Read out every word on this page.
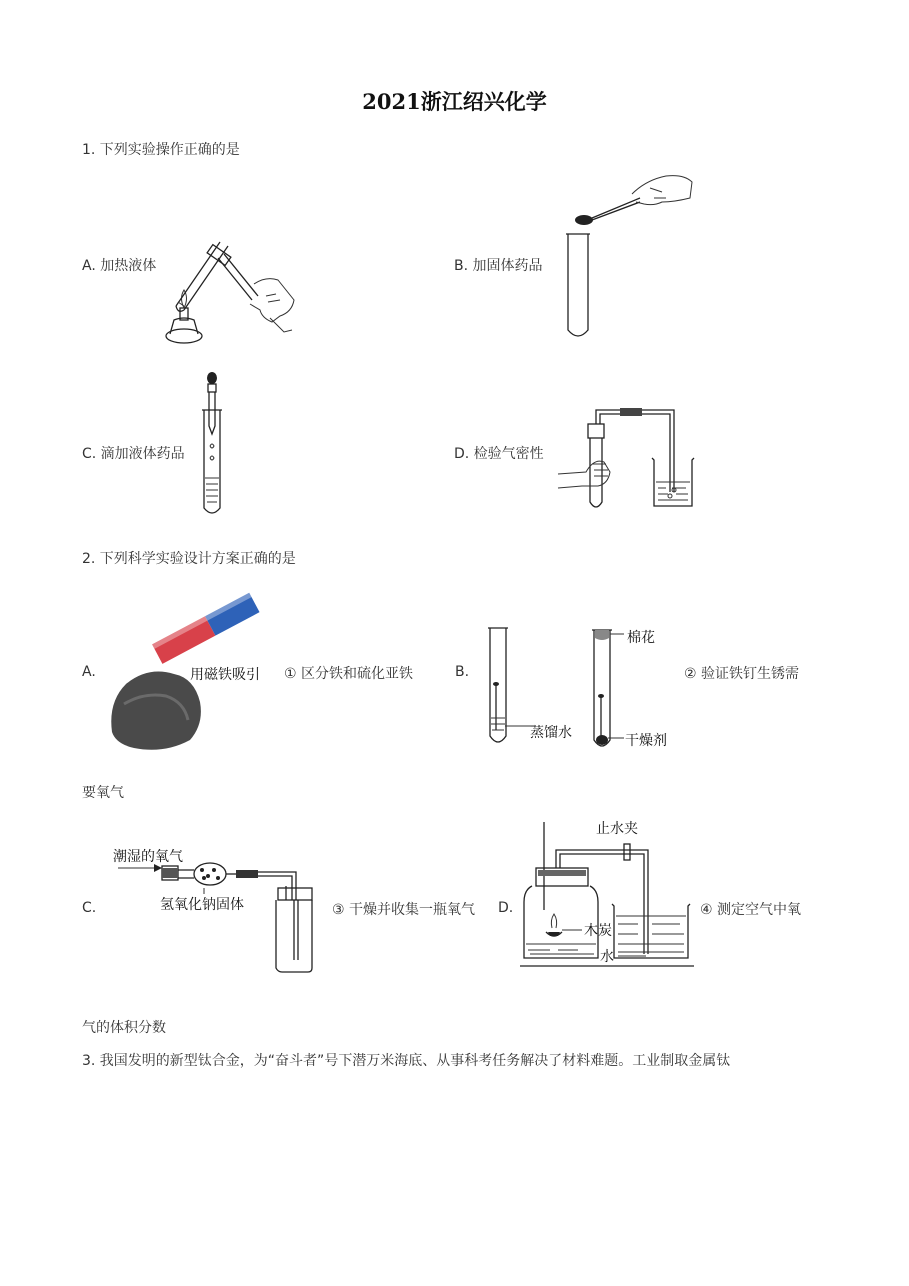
2021浙江绍兴化学
1. 下列实验操作正确的是
A. 加热液体	B. 加固体药品
C. 滴加液体药品	D. 检验气密性
2. 下列科学实验设计方案正确的是
A.	用磁铁吸引 ① 区分铁和硫化亚铁	B.
棉花
蒸馏水	干燥剂
② 验证铁钉生锈需
要氧气
C.
潮湿的氧气
氢氧化钠固体	③ 干燥并收集一瓶氧气 D.
止水夹
木炭
水
④ 测定空气中氧
气的体积分数
3. 我国发明的新型钛合金，为“奋斗者”号下潜万米海底、从事科考任务解决了材料难题。工业制取金属钛
